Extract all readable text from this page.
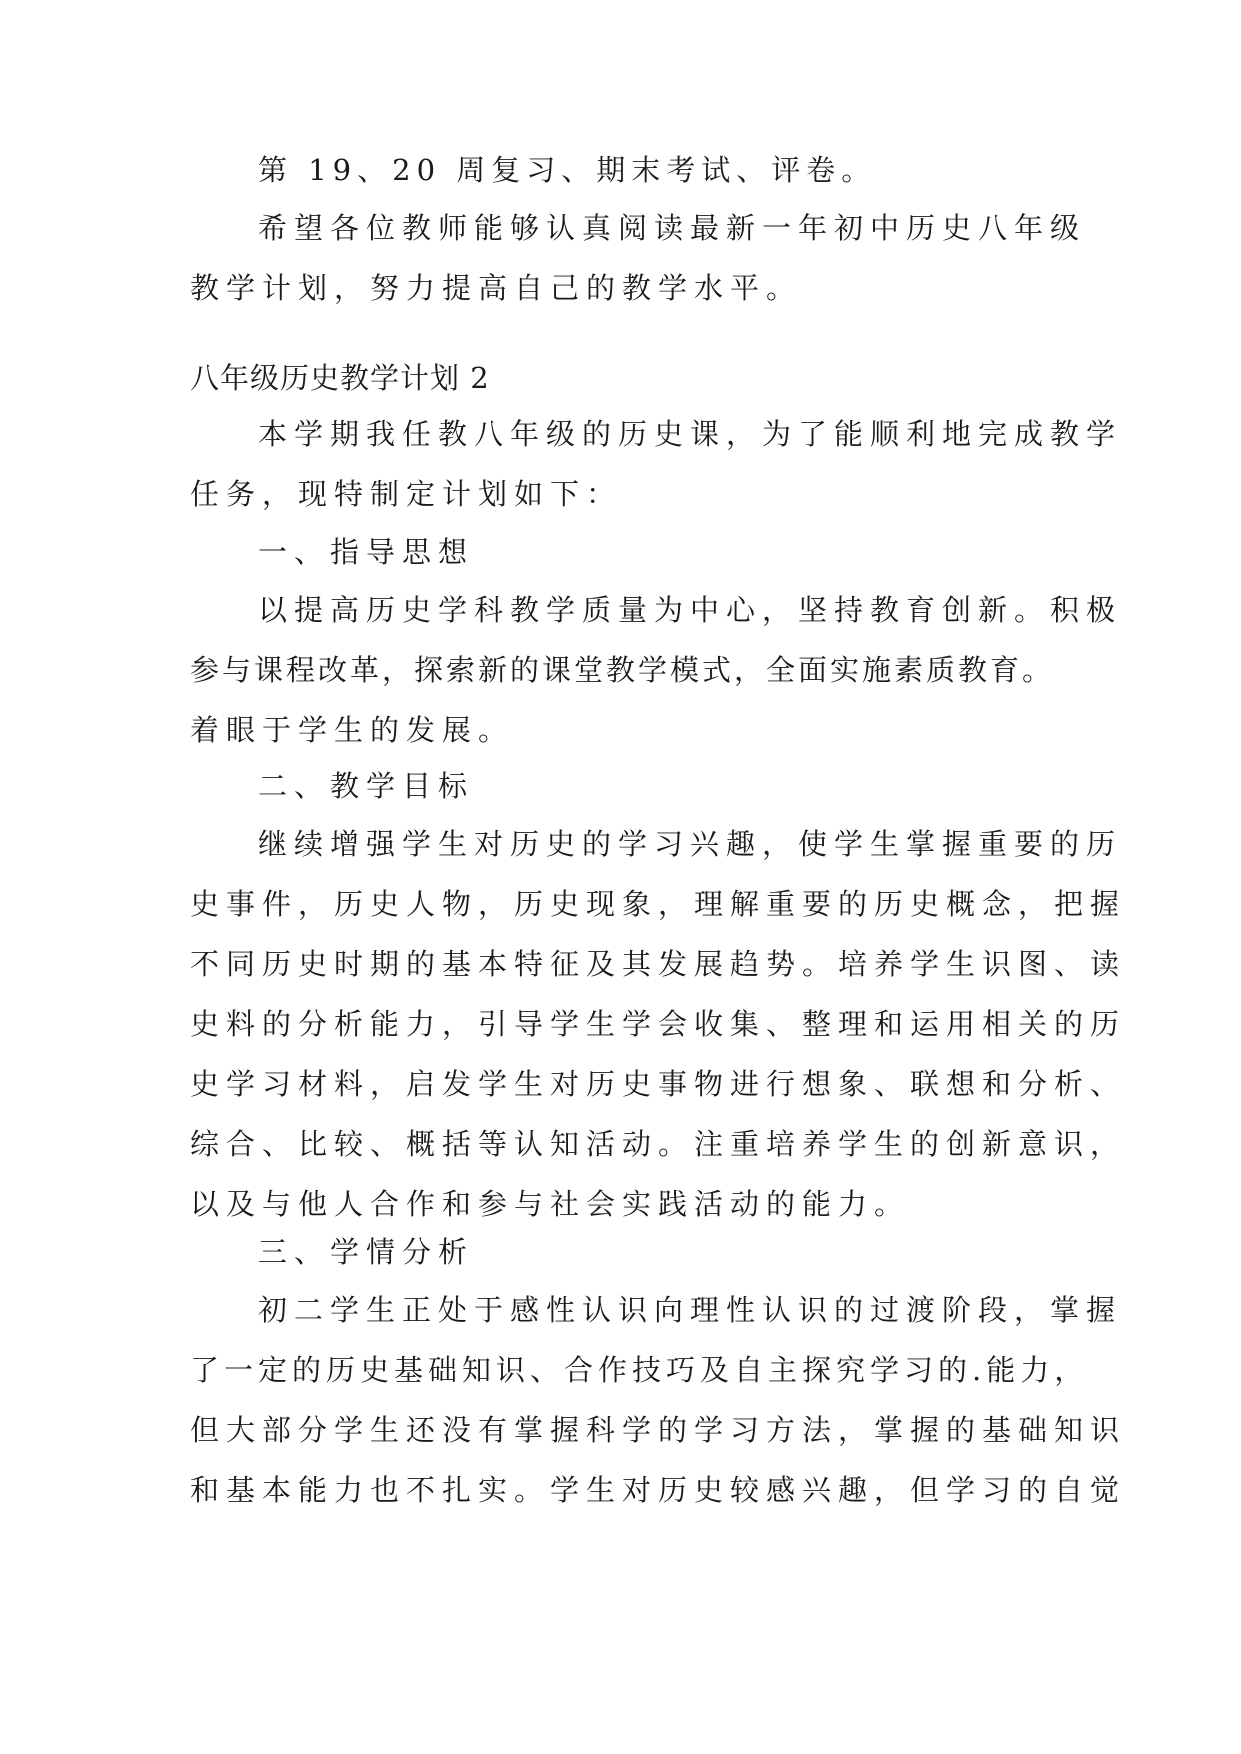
第 19、20 周复习、期末考试、评卷。
希望各位教师能够认真阅读最新一年初中历史八年级
教学计划，努力提高自己的教学水平。
八年级历史教学计划 2
本学期我任教八年级的历史课，为了能顺利地完成教学
任务，现特制定计划如下：
一、指导思想
以提高历史学科教学质量为中心，坚持教育创新。积极
参与课程改革，探索新的课堂教学模式，全面实施素质教育。
着眼于学生的发展。
二、教学目标
继续增强学生对历史的学习兴趣，使学生掌握重要的历
史事件，历史人物，历史现象，理解重要的历史概念，把握
不同历史时期的基本特征及其发展趋势。培养学生识图、读
史料的分析能力，引导学生学会收集、整理和运用相关的历
史学习材料，启发学生对历史事物进行想象、联想和分析、
综合、比较、概括等认知活动。注重培养学生的创新意识，
以及与他人合作和参与社会实践活动的能力。
三、学情分析
初二学生正处于感性认识向理性认识的过渡阶段，掌握
了一定的历史基础知识、合作技巧及自主探究学习的.能力，
但大部分学生还没有掌握科学的学习方法，掌握的基础知识
和基本能力也不扎实。学生对历史较感兴趣，但学习的自觉
